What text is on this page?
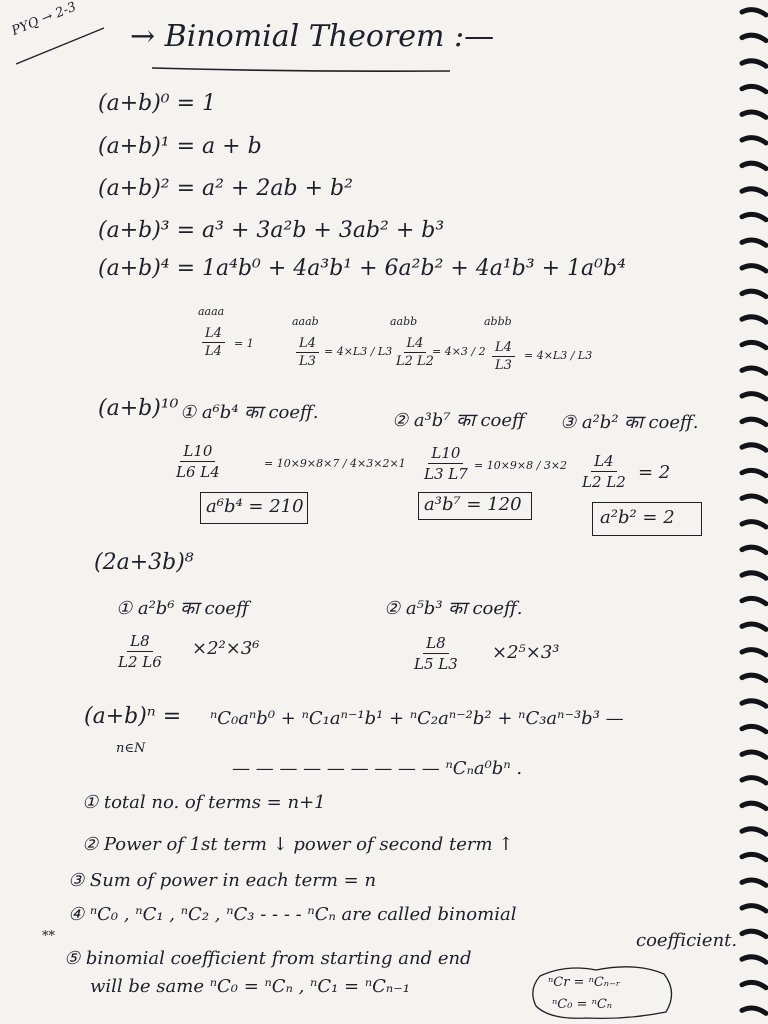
PYQ → 2-3 → Binomial Theorem :—
(a+b)⁰ = 1
(a+b)¹ = a + b
(a+b)² = a² + 2ab + b²
(a+b)³ = a³ + 3a²b + 3ab² + b³
(a+b)⁴ = 1a⁴b⁰ + 4a³b¹ + 6a²b² + 4a¹b³ + 1a⁰b⁴
aaaa
$\frac{L4}{L4} = 1$
aaab
$\frac{L4}{L3} = 4\times L3 / L3$
aabb
$\frac{L4}{L2 L2}$
= 4×3 / 2
abbb
$\frac{L4}{L3} = 4\times L3 / L3$
(a+b)¹⁰ ① a⁶b⁴ का coeff.	② a³b⁷ का coeff ③ a²b² का coeff.
$\frac{L10}{L6 L4}$	= 10×9×8×7 / 4×3×2×1
a⁶b⁴ = 210
$\frac{L10}{L3 L7} = 10\times 9\times 8 / 3\times 2$
a³b⁷ = 120
$\frac{L4}{L2 L2} = 2$
a²b² = 2
(2a+3b)⁸
① a²b⁶ का coeff	② a⁵b³ का coeff.
$\frac{L8}{L2 L6} \times 2^2\times 3^6$	$\frac{L8}{L5 L3} \times 2^5\times 3^3$
(a+b)ⁿ = ⁿC₀aⁿb⁰ + ⁿC₁aⁿ⁻¹b¹ + ⁿC₂aⁿ⁻²b² + ⁿC₃aⁿ⁻³b³ —
n∈N
— — — — — — — — — ⁿCₙa⁰bⁿ .
① total no. of terms = n+1
② Power of 1st term ↓ power of second term ↑
③ Sum of power in each term = n
④ ⁿC₀ , ⁿC₁ , ⁿC₂ , ⁿC₃ - - - - ⁿCₙ are called binomial
coefficient.
**
⑤ binomial coefficient from starting and end
will be same ⁿC₀ = ⁿCₙ , ⁿC₁ = ⁿCₙ₋₁	ⁿCr = ⁿCₙ₋ᵣ
ⁿC₀ = ⁿCₙ
